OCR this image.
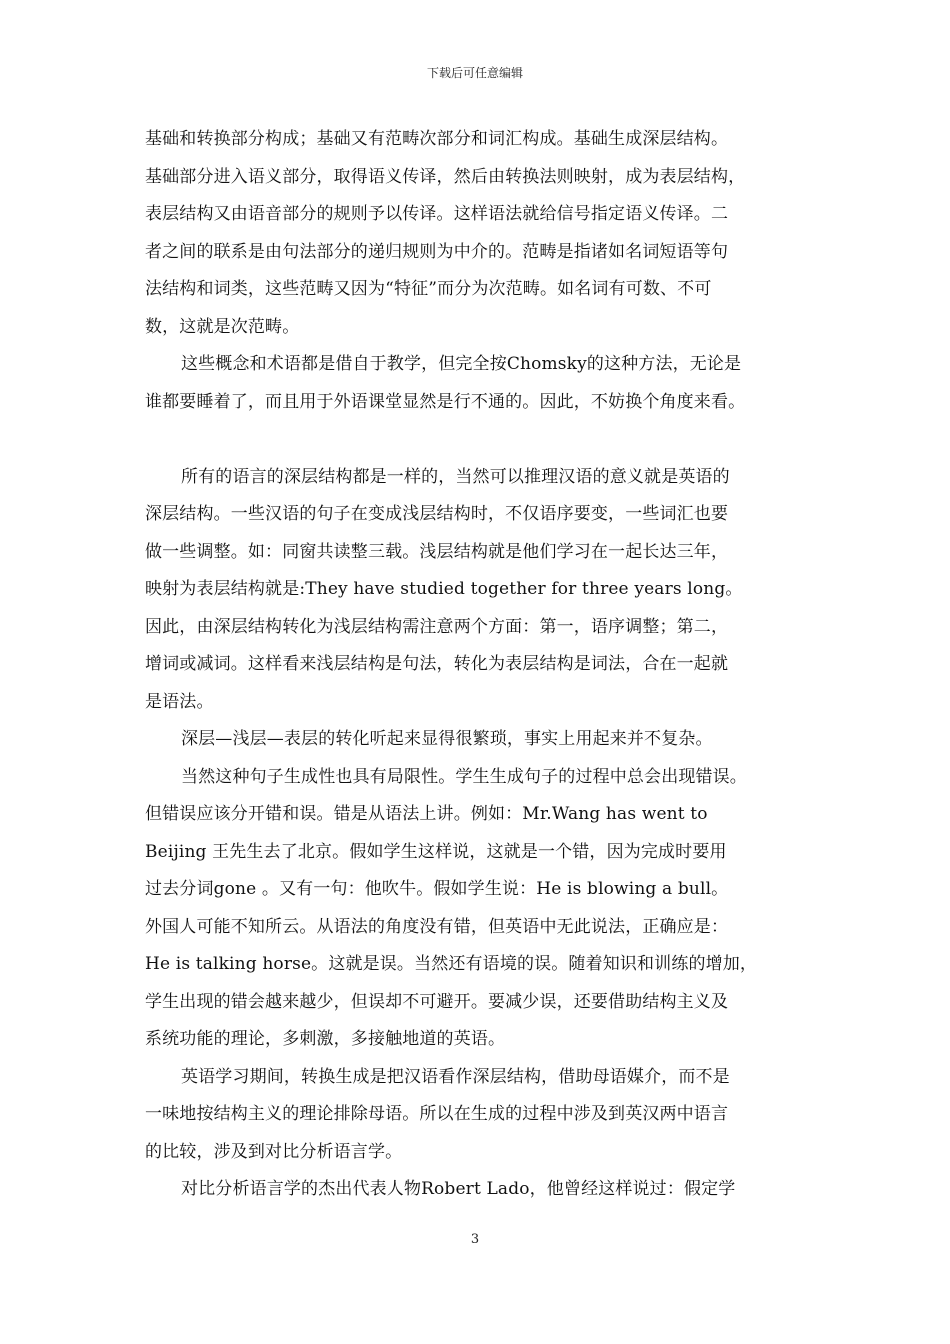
下载后可任意编辑
基础和转换部分构成；基础又有范畴次部分和词汇构成。基础生成深层结构。
基础部分进入语义部分，取得语义传译，然后由转换法则映射，成为表层结构，
表层结构又由语音部分的规则予以传译。这样语法就给信号指定语义传译。二
者之间的联系是由句法部分的递归规则为中介的。范畴是指诸如名词短语等句
法结构和词类，这些范畴又因为“特征”而分为次范畴。如名词有可数、不可
数，这就是次范畴。
这些概念和术语都是借自于教学，但完全按Chomsky的这种方法，无论是
谁都要睡着了，而且用于外语课堂显然是行不通的。因此，不妨换个角度来看。
所有的语言的深层结构都是一样的，当然可以推理汉语的意义就是英语的
深层结构。一些汉语的句子在变成浅层结构时，不仅语序要变，一些词汇也要
做一些调整。如：同窗共读整三载。浅层结构就是他们学习在一起长达三年，
映射为表层结构就是:They have studied together for three years long。
因此，由深层结构转化为浅层结构需注意两个方面：第一，语序调整；第二，
增词或减词。这样看来浅层结构是句法，转化为表层结构是词法，合在一起就
是语法。
深层—浅层—表层的转化听起来显得很繁琐，事实上用起来并不复杂。
当然这种句子生成性也具有局限性。学生生成句子的过程中总会出现错误。
但错误应该分开错和误。错是从语法上讲。例如：Mr.Wang has went to
Beijing 王先生去了北京。假如学生这样说，这就是一个错，因为完成时要用
过去分词gone 。又有一句：他吹牛。假如学生说：He is blowing a bull。
外国人可能不知所云。从语法的角度没有错，但英语中无此说法，正确应是：
He is talking horse。这就是误。当然还有语境的误。随着知识和训练的增加，
学生出现的错会越来越少，但误却不可避开。要减少误，还要借助结构主义及
系统功能的理论，多刺激，多接触地道的英语。
英语学习期间，转换生成是把汉语看作深层结构，借助母语媒介，而不是
一味地按结构主义的理论排除母语。所以在生成的过程中涉及到英汉两中语言
的比较，涉及到对比分析语言学。
对比分析语言学的杰出代表人物Robert Lado，他曾经这样说过：假定学
3
